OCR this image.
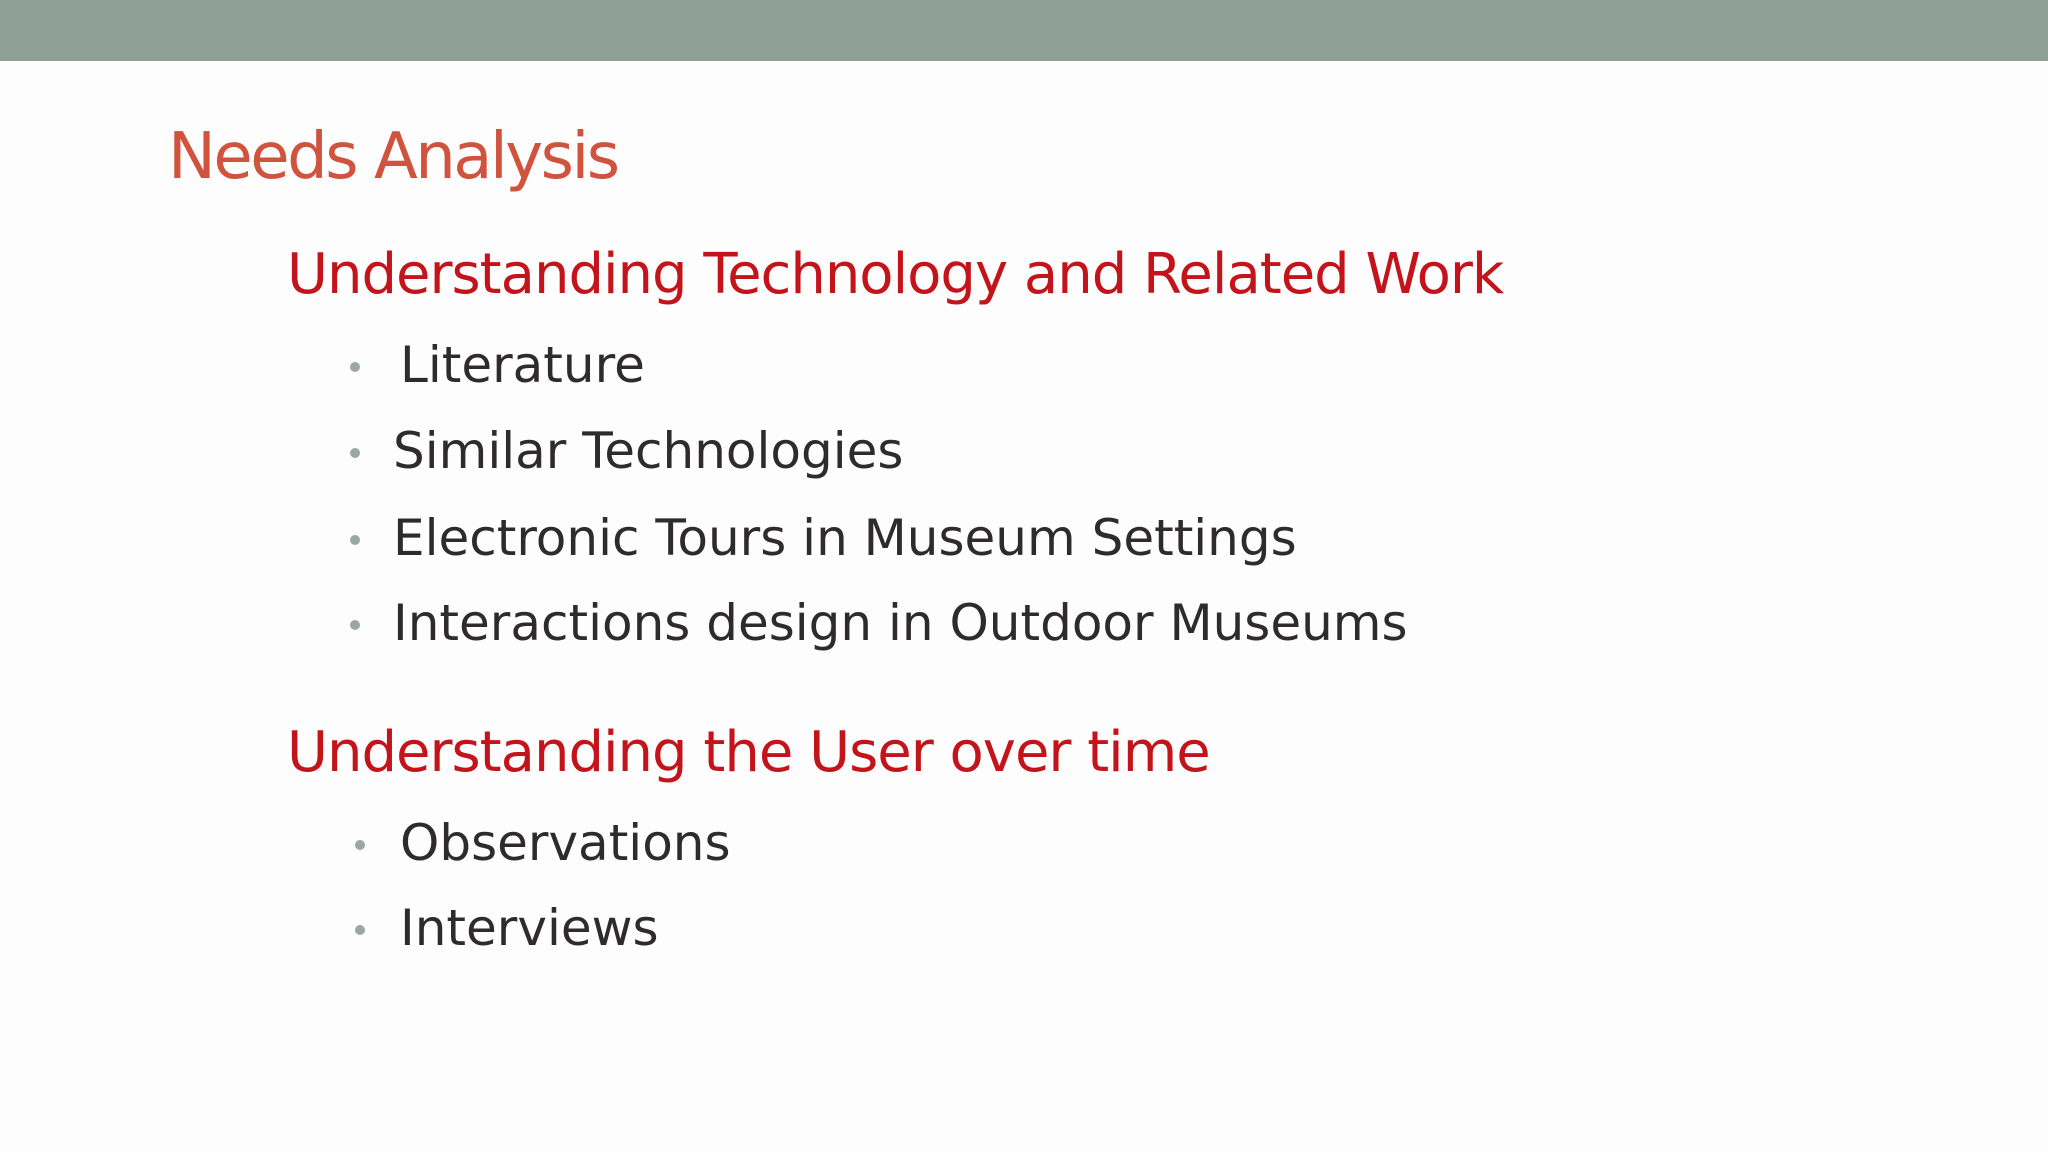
Needs Analysis
Understanding Technology and Related Work
Literature
Similar Technologies
Electronic Tours in Museum Settings
Interactions design in Outdoor Museums
Understanding the User over time
Observations
Interviews
